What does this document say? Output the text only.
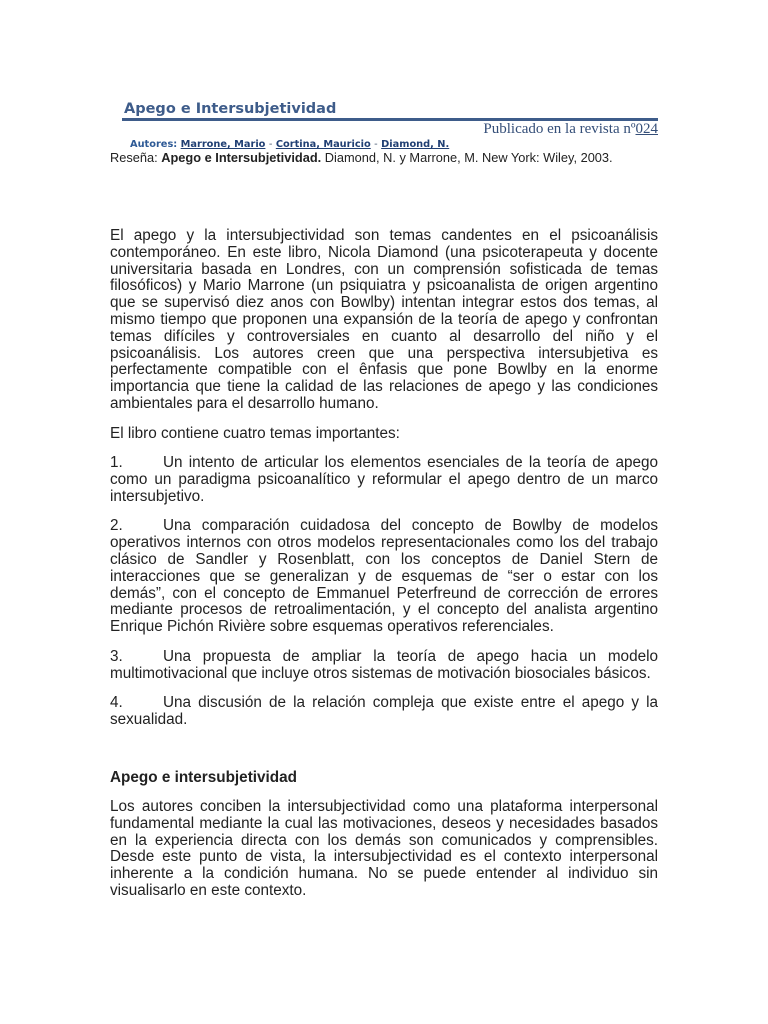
Apego e Intersubjetividad
Publicado en la revista nº024
Autores: Marrone, Mario - Cortina, Mauricio - Diamond, N.
Reseña: Apego e Intersubjetividad. Diamond, N. y Marrone, M. New York: Wiley, 2003.
El apego y la intersubjectividad son temas candentes en el psicoanálisis
contemporáneo. En este libro, Nicola Diamond (una psicoterapeuta y docente
universitaria basada en Londres, con un comprensión sofisticada de temas
filosóficos) y Mario Marrone (un psiquiatra y psicoanalista de origen argentino
que se supervisó diez anos con Bowlby) intentan integrar estos dos temas, al
mismo tiempo que proponen una expansión de la teoría de apego y confrontan
temas difíciles y controversiales en cuanto al desarrollo del niño y el
psicoanálisis. Los autores creen que una perspectiva intersubjetiva es
perfectamente compatible con el ênfasis que pone Bowlby en la enorme
importancia que tiene la calidad de las relaciones de apego y las condiciones
ambientales para el desarrollo humano.
El libro contiene cuatro temas importantes:
1.	Un intento de articular los elementos esenciales de la teoría de apego
como un paradigma psicoanalítico y reformular el apego dentro de un marco
intersubjetivo.
2.	Una comparación cuidadosa del concepto de Bowlby de modelos
operativos internos con otros modelos representacionales como los del trabajo
clásico de Sandler y Rosenblatt, con los conceptos de Daniel Stern de
interacciones que se generalizan y de esquemas de “ser o estar con los
demás”, con el concepto de Emmanuel Peterfreund de corrección de errores
mediante procesos de retroalimentación, y el concepto del analista argentino
Enrique Pichón Rivière sobre esquemas operativos referenciales.
3.	Una propuesta de ampliar la teoría de apego hacia un modelo
multimotivacional que incluye otros sistemas de motivación biosociales básicos.
4.	Una discusión de la relación compleja que existe entre el apego y la
sexualidad.
Apego e intersubjetividad
Los autores conciben la intersubjectividad como una plataforma interpersonal
fundamental mediante la cual las motivaciones, deseos y necesidades basados
en la experiencia directa con los demás son comunicados y comprensibles.
Desde este punto de vista, la intersubjectividad es el contexto interpersonal
inherente a la condición humana. No se puede entender al individuo sin
visualisarlo en este contexto.
